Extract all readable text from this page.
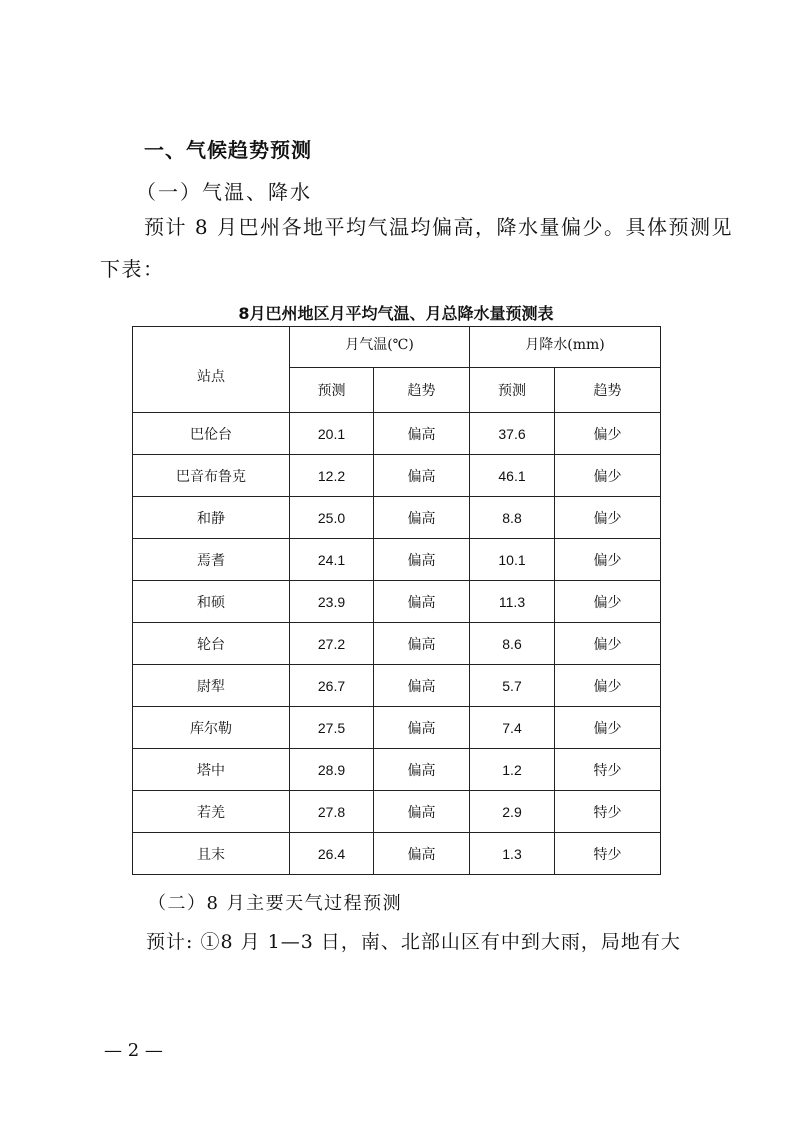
一、气候趋势预测
（一）气温、降水
预计 8 月巴州各地平均气温均偏高，降水量偏少。具体预测见
下表：
8月巴州地区月平均气温、月总降水量预测表
站点	月气温(℃)		月降水(mm)	
	预测	趋势	预测	趋势
巴伦台	20.1	偏高	37.6	偏少
巴音布鲁克	12.2	偏高	46.1	偏少
和静	25.0	偏高	8.8	偏少
焉耆	24.1	偏高	10.1	偏少
和硕	23.9	偏高	11.3	偏少
轮台	27.2	偏高	8.6	偏少
尉犁	26.7	偏高	5.7	偏少
库尔勒	27.5	偏高	7.4	偏少
塔中	28.9	偏高	1.2	特少
若羌	27.8	偏高	2.9	特少
且末	26.4	偏高	1.3	特少
（二）8 月主要天气过程预测
预计: ①8 月 1—3 日，南、北部山区有中到大雨，局地有大
— 2 —
